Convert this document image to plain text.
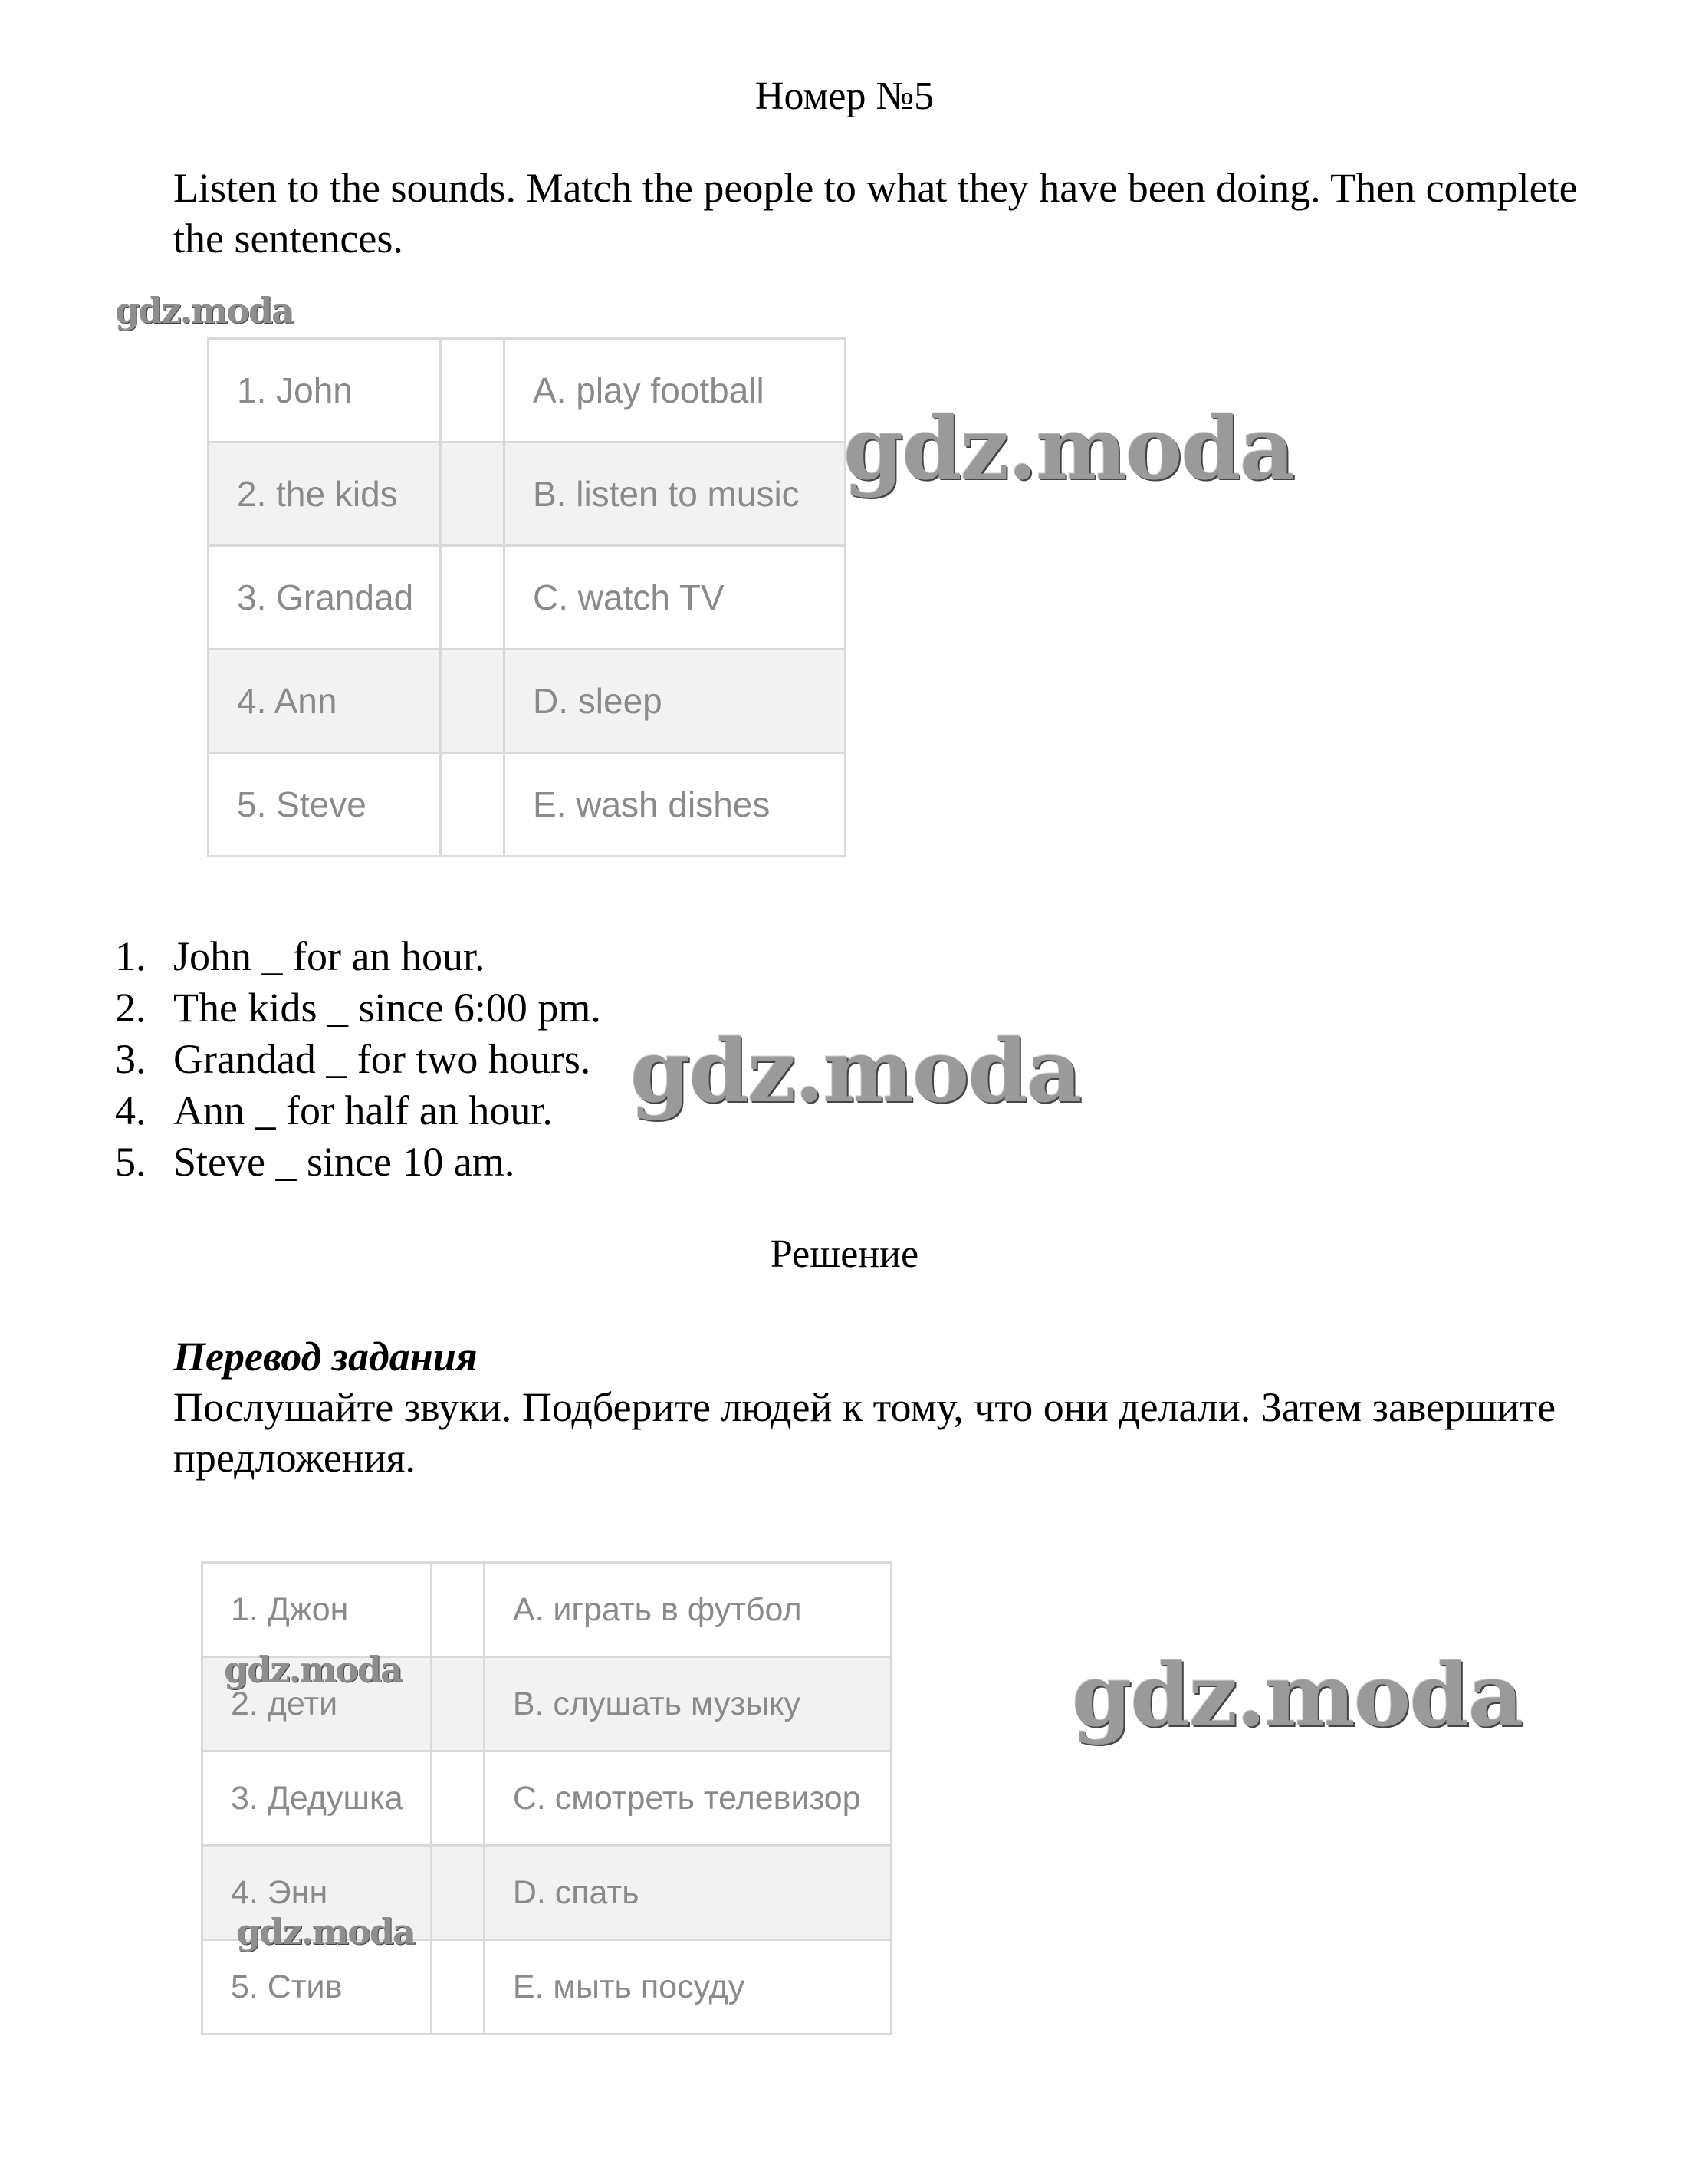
Номер №5
Listen to the sounds. Match the people to what they have been doing. Then complete the sentences.
gdz.moda
1. John		A. play football
2. the kids		B. listen to music
3. Grandad		C. watch TV
4. Ann		D. sleep
5. Steve		E. wash dishes
gdz.moda
1. John _ for an hour.
2. The kids _ since 6:00 pm.
3. Grandad _ for two hours.
4. Ann _ for half an hour.
5. Steve _ since 10 am.
gdz.moda
Решение
Перевод задания
Послушайте звуки. Подберите людей к тому, что они делали. Затем завершите предложения.
1. Джон		А. играть в футбол
2. дети		B. слушать музыку
3. Дедушка		C. смотреть телевизор
4. Энн		D. спать
5. Стив		E. мыть посуду
gdz.moda
gdz.moda
gdz.moda
